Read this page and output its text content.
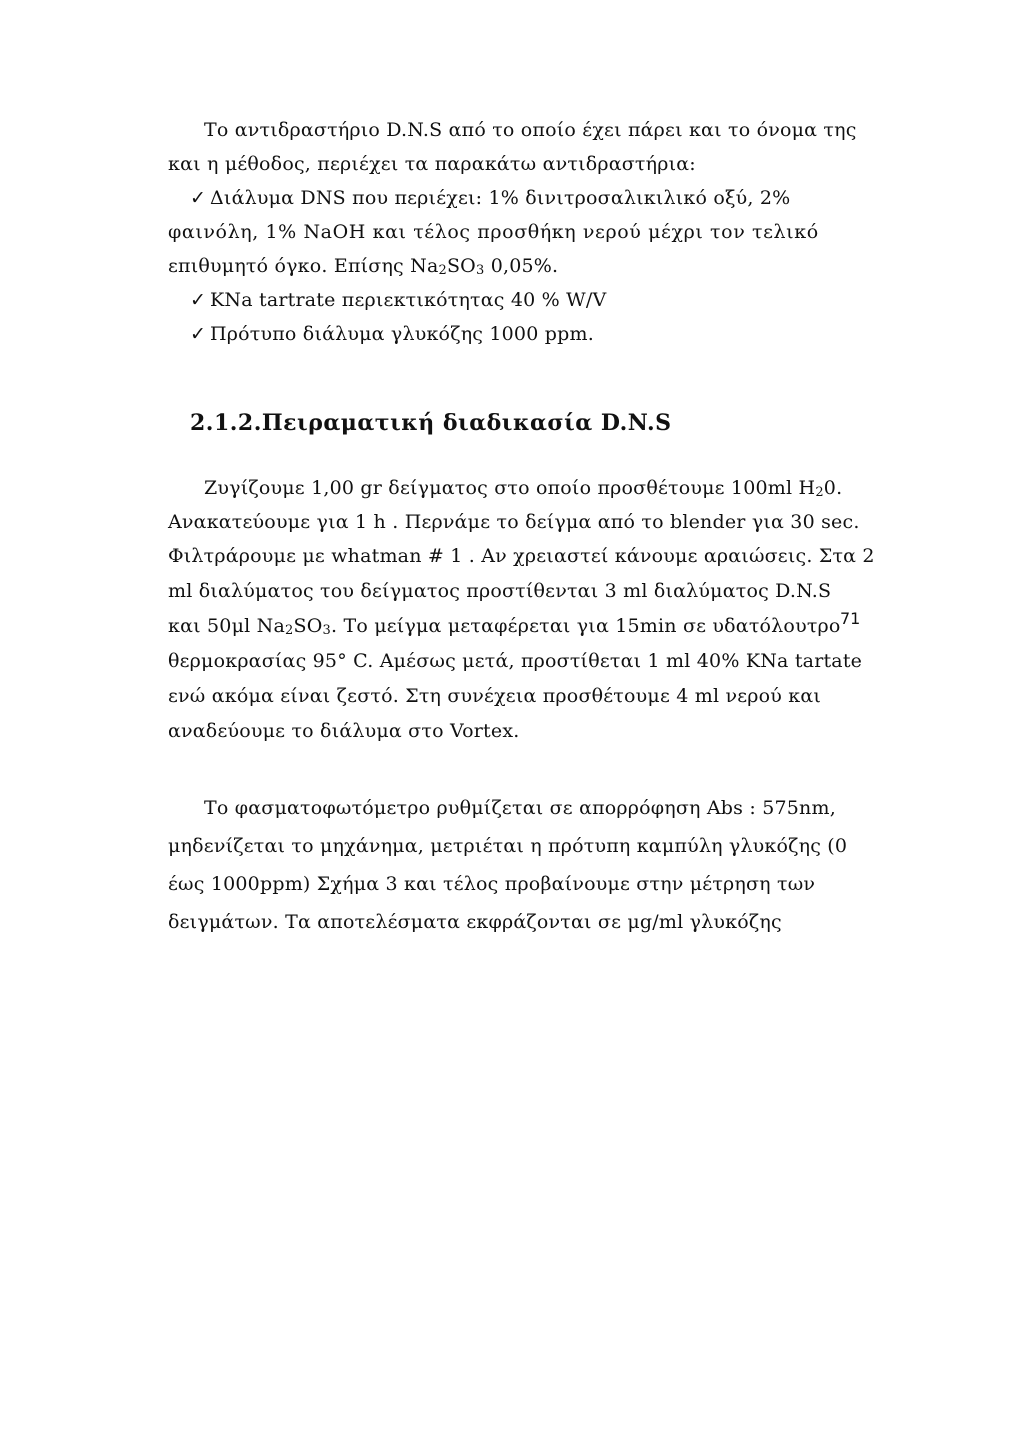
Το αντιδραστήριο D.N.S από το οποίο έχει πάρει και το όνομα της
και η μέθοδος, περιέχει τα παρακάτω αντιδραστήρια:
✓ Διάλυμα DNS που περιέχει: 1% δινιτροσαλικιλικό οξύ, 2%
φαινόλη, 1% NaOH και τέλος προσθήκη νερού μέχρι τον τελικό
επιθυμητό όγκο. Επίσης $Na_2SO_3$ 0,05%.
✓ KNa tartrate περιεκτικότητας 40 % W/V
✓ Πρότυπο διάλυμα γλυκόζης 1000 ppm.
2.1.2.Πειραματική διαδικασία D.N.S
Ζυγίζουμε 1,00 gr δείγματος στο οποίο προσθέτουμε 100ml $H_20$.
Ανακατεύουμε για 1 h . Περνάμε το δείγμα από το blender για 30 sec.
Φιλτράρουμε με whatman # 1 . Αν χρειαστεί κάνουμε αραιώσεις. Στα 2
ml διαλύματος του δείγματος προστίθενται 3 ml διαλύματος D.N.S
και 50μl $Na_2SO_3$. Το μείγμα μεταφέρεται για 15min σε υδατόλουτρο
θερμοκρασίας 95° C. Αμέσως μετά, προστίθεται 1 ml 40% KNa tartate
ενώ ακόμα είναι ζεστό. Στη συνέχεια προσθέτουμε 4 ml νερού και
αναδεύουμε το διάλυμα στο Vortex.
Το φασματοφωτόμετρο ρυθμίζεται σε απορρόφηση Abs : 575nm,
μηδενίζεται το μηχάνημα, μετριέται η πρότυπη καμπύλη γλυκόζης (0
έως 1000ppm) Σχήμα 3 και τέλος προβαίνουμε στην μέτρηση των
δειγμάτων. Τα αποτελέσματα εκφράζονται σε μg/ml γλυκόζης
71
